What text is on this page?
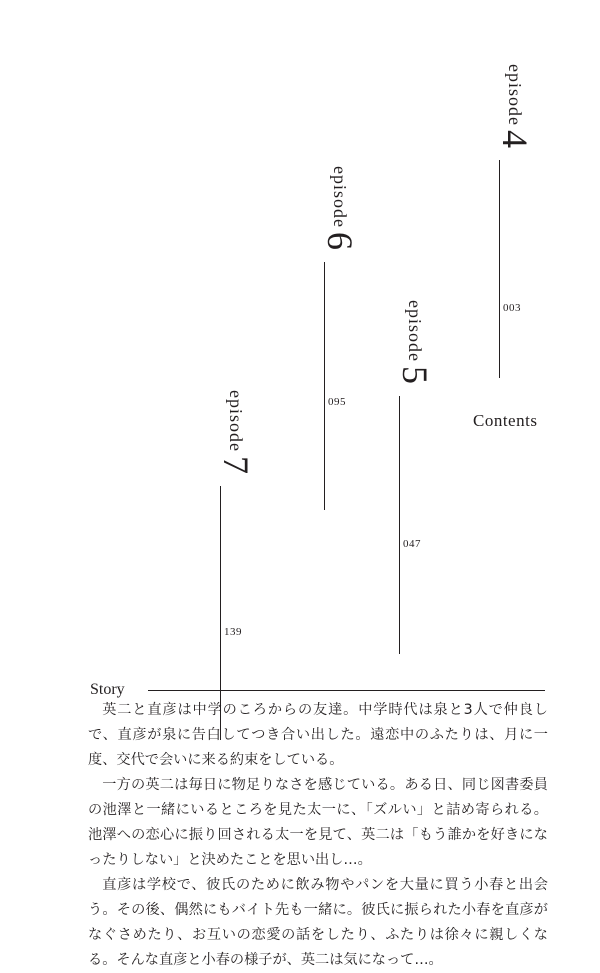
episode4
003
episode5
047
episode6
095
episode7
139
Contents
Story

英二と直彦は中学のころからの友達。中学時代は泉と3人で仲良しで、直彦が泉に告白してつき合い出した。遠恋中のふたりは、月に一度、交代で会いに来る約束をしている。

一方の英二は毎日に物足りなさを感じている。ある日、同じ図書委員の池澤と一緒にいるところを見た太一に、「ズルい」と詰め寄られる。池澤への恋心に振り回される太一を見て、英二は「もう誰かを好きになったりしない」と決めたことを思い出し…。

直彦は学校で、彼氏のために飲み物やパンを大量に買う小春と出会う。その後、偶然にもバイト先も一緒に。彼氏に振られた小春を直彦がなぐさめたり、お互いの恋愛の話をしたり、ふたりは徐々に親しくなる。そんな直彦と小春の様子が、英二は気になって…。
